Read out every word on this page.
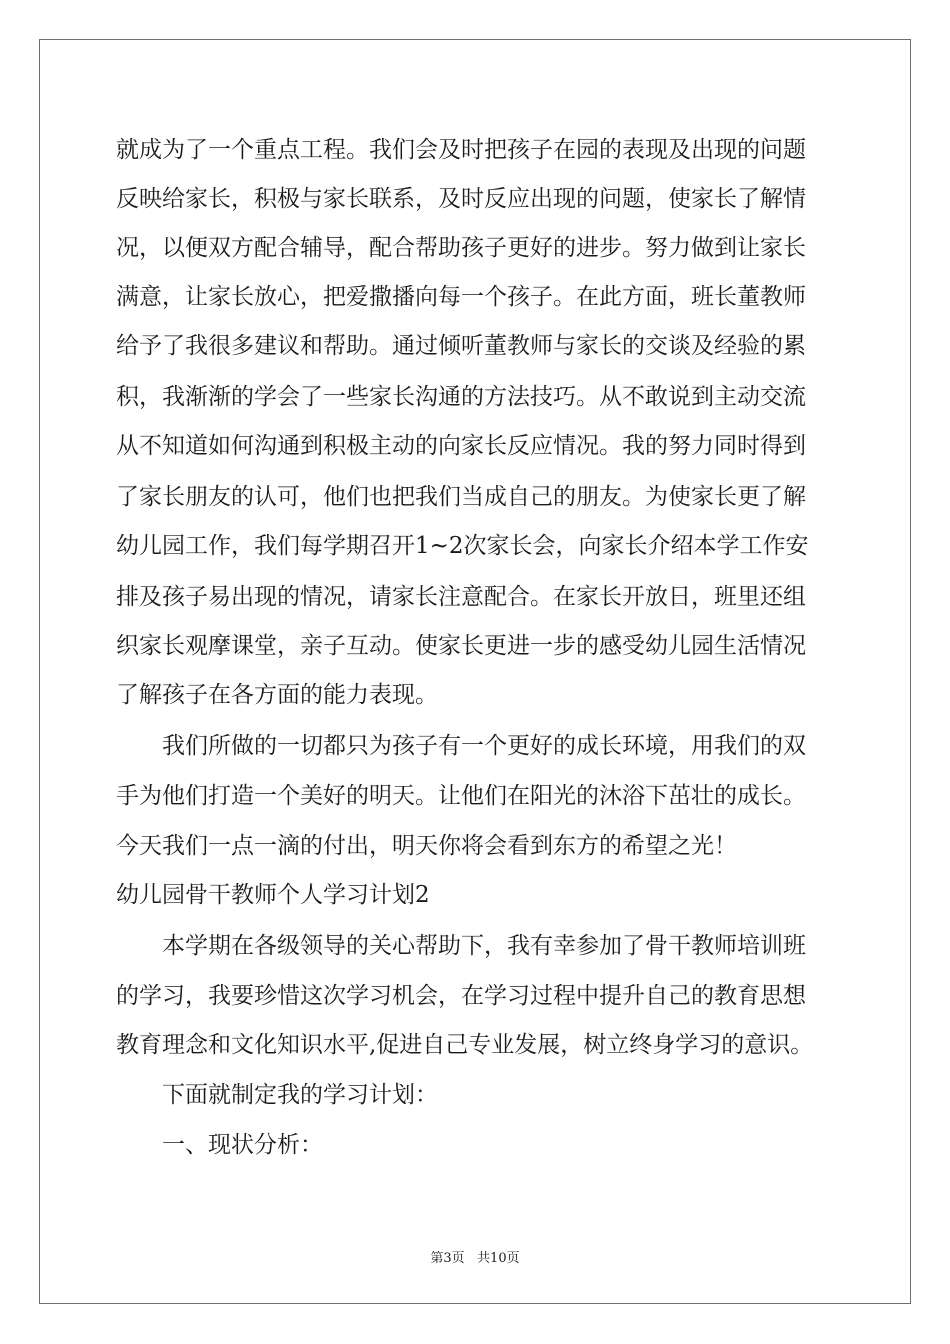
就成为了一个重点工程。我们会及时把孩子在园的表现及出现的问题
反映给家长，积极与家长联系，及时反应出现的问题，使家长了解情
况，以便双方配合辅导，配合帮助孩子更好的进步。努力做到让家长
满意，让家长放心，把爱撒播向每一个孩子。在此方面，班长董教师
给予了我很多建议和帮助。通过倾听董教师与家长的交谈及经验的累
积，我渐渐的学会了一些家长沟通的方法技巧。从不敢说到主动交流
从不知道如何沟通到积极主动的向家长反应情况。我的努力同时得到
了家长朋友的认可，他们也把我们当成自己的朋友。为使家长更了解
幼儿园工作，我们每学期召开1~2次家长会，向家长介绍本学工作安
排及孩子易出现的情况，请家长注意配合。在家长开放日，班里还组
织家长观摩课堂，亲子互动。使家长更进一步的感受幼儿园生活情况
了解孩子在各方面的能力表现。
我们所做的一切都只为孩子有一个更好的成长环境，用我们的双
手为他们打造一个美好的明天。让他们在阳光的沐浴下茁壮的成长。
今天我们一点一滴的付出，明天你将会看到东方的希望之光！
幼儿园骨干教师个人学习计划2
本学期在各级领导的关心帮助下，我有幸参加了骨干教师培训班
的学习，我要珍惜这次学习机会，在学习过程中提升自己的教育思想
教育理念和文化知识水平,促进自己专业发展，树立终身学习的意识。
下面就制定我的学习计划：
一、现状分析：
第3页   共10页
